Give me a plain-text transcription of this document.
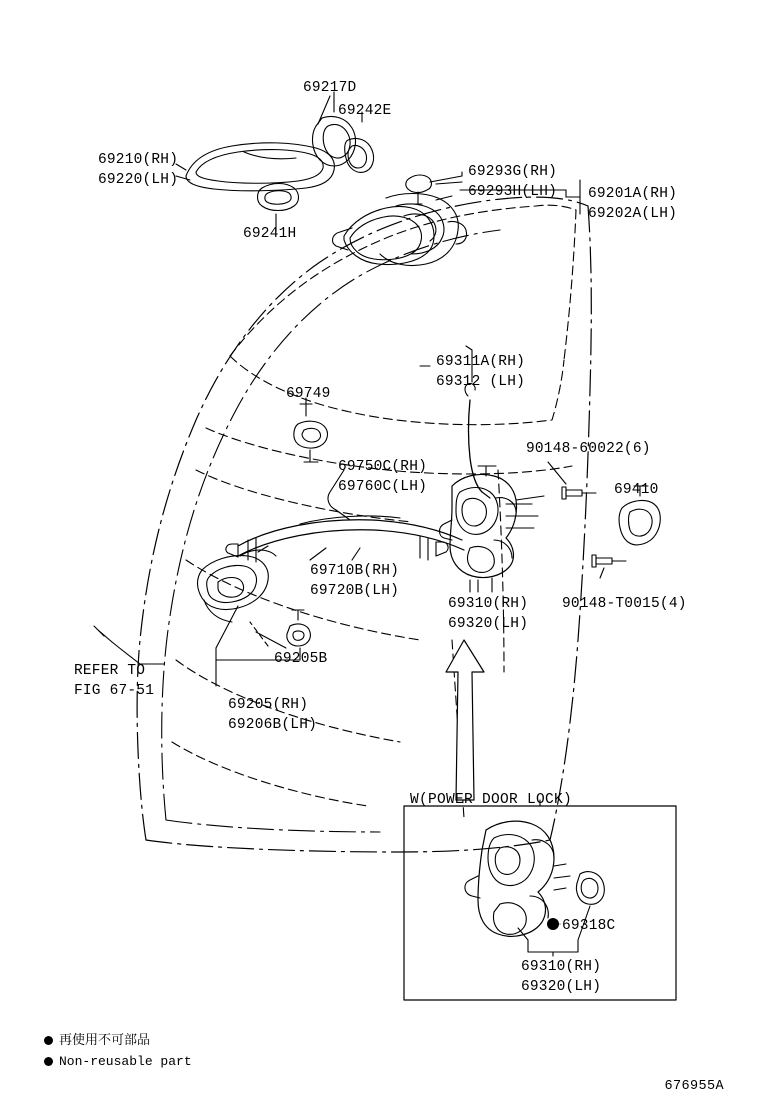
69217D
69242E
69210(RH)
69220(LH)
69241H
69293G(RH)
69293H(LH) 69201A(RH)
69202A(LH)
69311A(RH)
69312 (LH)
69749
90148-60022(6)
69410
69750C(RH)
69760C(LH)
69710B(RH)
69720B(LH)
69310(RH)
69320(LH)
90148-T0015(4)
69205B
69205(RH)
69206B(LH)
69318C
69310(RH)
69320(LH)
REFER TO
FIG 67-51
W(POWER DOOR LOCK)
再使用不可部品
Non-reusable part
676955A
